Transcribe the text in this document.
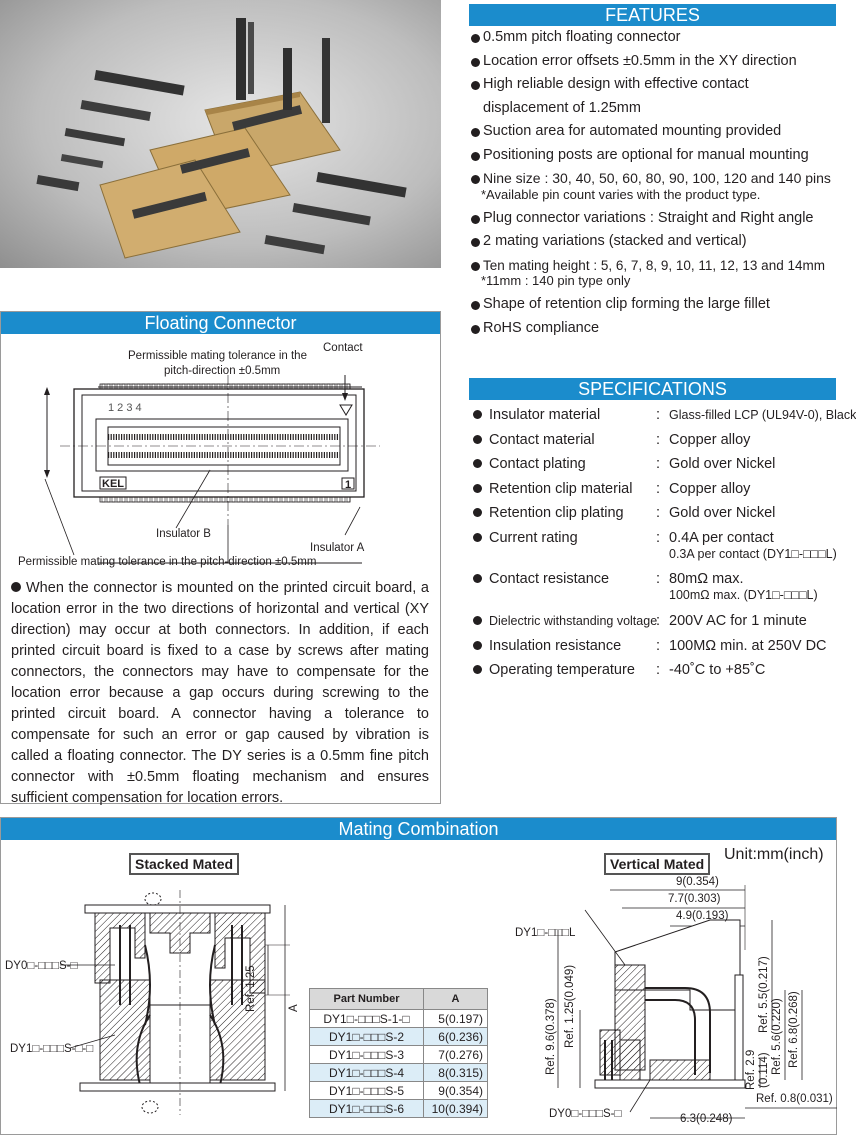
FEATURES
0.5mm pitch floating connector
Location error offsets ±0.5mm in the XY direction
High reliable design with effective contact
displacement of 1.25mm
Suction area for automated mounting provided
Positioning posts are optional for manual mounting
Nine size : 30, 40, 50, 60, 80, 90, 100, 120 and 140 pins
*Available pin count varies with the product type.
Plug connector variations : Straight and Right angle
2 mating variations (stacked and vertical)
Ten mating height : 5, 6, 7, 8, 9, 10, 11, 12, 13 and 14mm
*11mm : 140 pin type only
Shape of retention clip forming the large fillet
RoHS compliance
SPECIFICATIONS
Insulator material	: Glass-filled LCP (UL94V-0), Black
Contact material	: Copper alloy
Contact plating	: Gold over Nickel
Retention clip material : Copper alloy
Retention clip plating : Gold over Nickel
Current rating	: 0.4A per contact
0.3A per contact (DY1□-□□□L)
Contact resistance	: 80mΩ max.
100mΩ max. (DY1□-□□□L)
Dielectric withstanding voltage
: 200V AC for 1 minute
Insulation resistance : 100MΩ min. at 250V DC
Operating temperature : -40˚C to +85˚C
Floating Connector
Permissible mating tolerance in the
pitch-direction ±0.5mm
Contact
KEL	1
1 2 3 4
Insulator B
Insulator A
Permissible mating tolerance in the pitch-direction ±0.5mm
When the connector is mounted on the printed circuit board, a location error in the two directions of horizontal and vertical (XY direction) may occur at both connectors. In addition, if each printed circuit board is fixed to a case by screws after mating connectors, the connectors may have to compensate for the location error because a gap occurs during screwing to the printed circuit board. A connector having a tolerance to compensate for such an error or gap caused by vibration is called a floating connector. The DY series is a 0.5mm fine pitch connector with ±0.5mm floating mechanism and ensures sufficient compensation for location errors.
Mating Combination
Stacked Mated	Vertical Mated
Unit:mm(inch)
DY0□-□□□S-□
DY1□-□□□S-□-□
Ref. 1.25	A
Part Number	A
DY1□-□□□S-1-□	5(0.197)
DY1□-□□□S-2	6(0.236)
DY1□-□□□S-3	7(0.276)
DY1□-□□□S-4	8(0.315)
DY1□-□□□S-5	9(0.354)
DY1□-□□□S-6	10(0.394)
9(0.354)
7.7(0.303)
4.9(0.193)
DY1□-□□□L
Ref. 9.6(0.378) Ref. 1.25(0.049)	Ref. 5.5(0.217)
Ref. 5.6(0.220) Ref. 6.8(0.268)
Ref. 2.9 (0.114)
Ref. 0.8(0.031)
DY0□-□□□S-□	6.3(0.248)
